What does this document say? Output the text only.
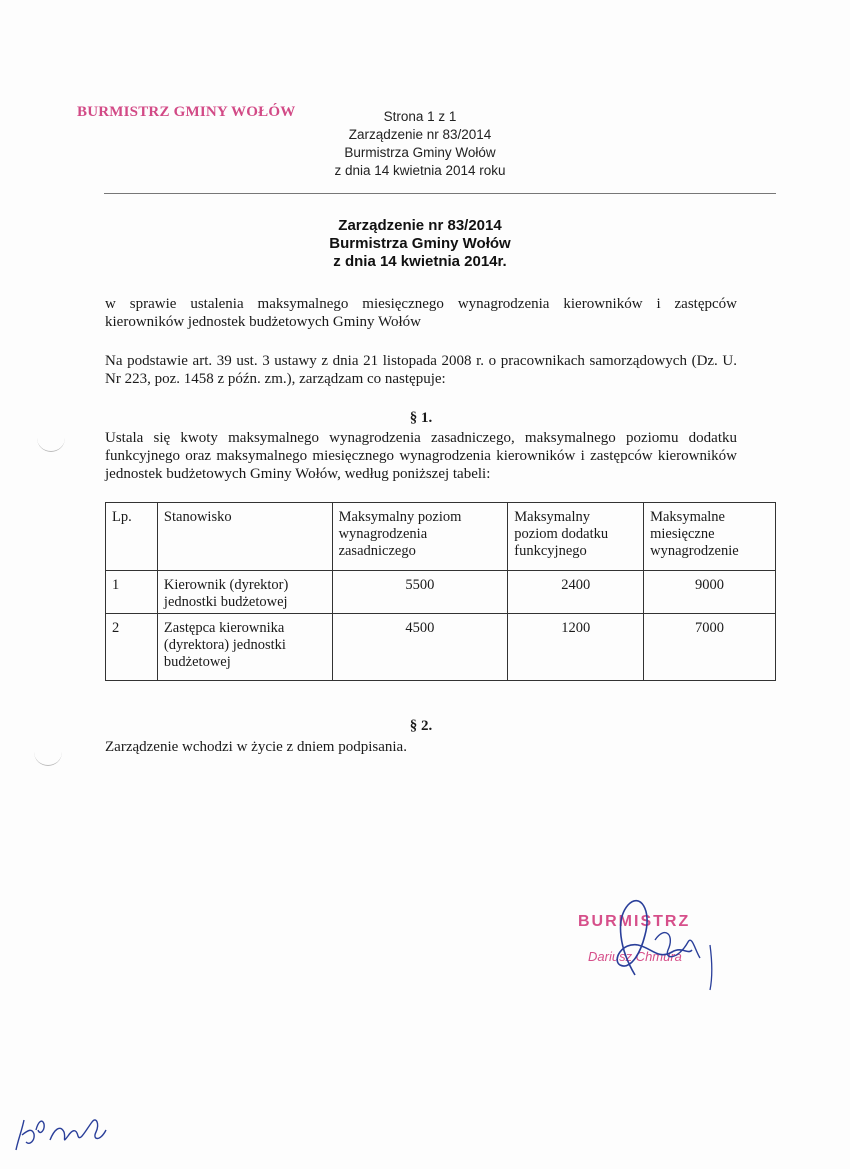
BURMISTRZ GMINY WOŁÓW	Strona 1 z 1
Zarządzenie nr 83/2014
Burmistrza Gminy Wołów
z dnia 14 kwietnia 2014 roku
Zarządzenie nr 83/2014
Burmistrza Gminy Wołów
z dnia 14 kwietnia 2014r.
w sprawie ustalenia maksymalnego miesięcznego wynagrodzenia kierowników i zastępców kierowników jednostek budżetowych Gminy Wołów
Na podstawie art. 39 ust. 3 ustawy z dnia 21 listopada 2008 r. o pracownikach samorządowych (Dz. U. Nr 223, poz. 1458 z późn. zm.), zarządzam co następuje:
§ 1.
Ustala się kwoty maksymalnego wynagrodzenia zasadniczego, maksymalnego poziomu dodatku funkcyjnego oraz maksymalnego miesięcznego wynagrodzenia kierowników i zastępców kierowników jednostek budżetowych Gminy Wołów, według poniższej tabeli:
Lp.	Stanowisko	Maksymalny poziom wynagrodzenia zasadniczego	Maksymalny poziom dodatku funkcyjnego	Maksymalne miesięczne wynagrodzenie
1	Kierownik (dyrektor) jednostki budżetowej	5500	2400	9000
2	Zastępca kierownika (dyrektora) jednostki budżetowej	4500	1200	7000
§ 2.
Zarządzenie wchodzi w życie z dniem podpisania.
BURMISTRZ
Dariusz Chmura
